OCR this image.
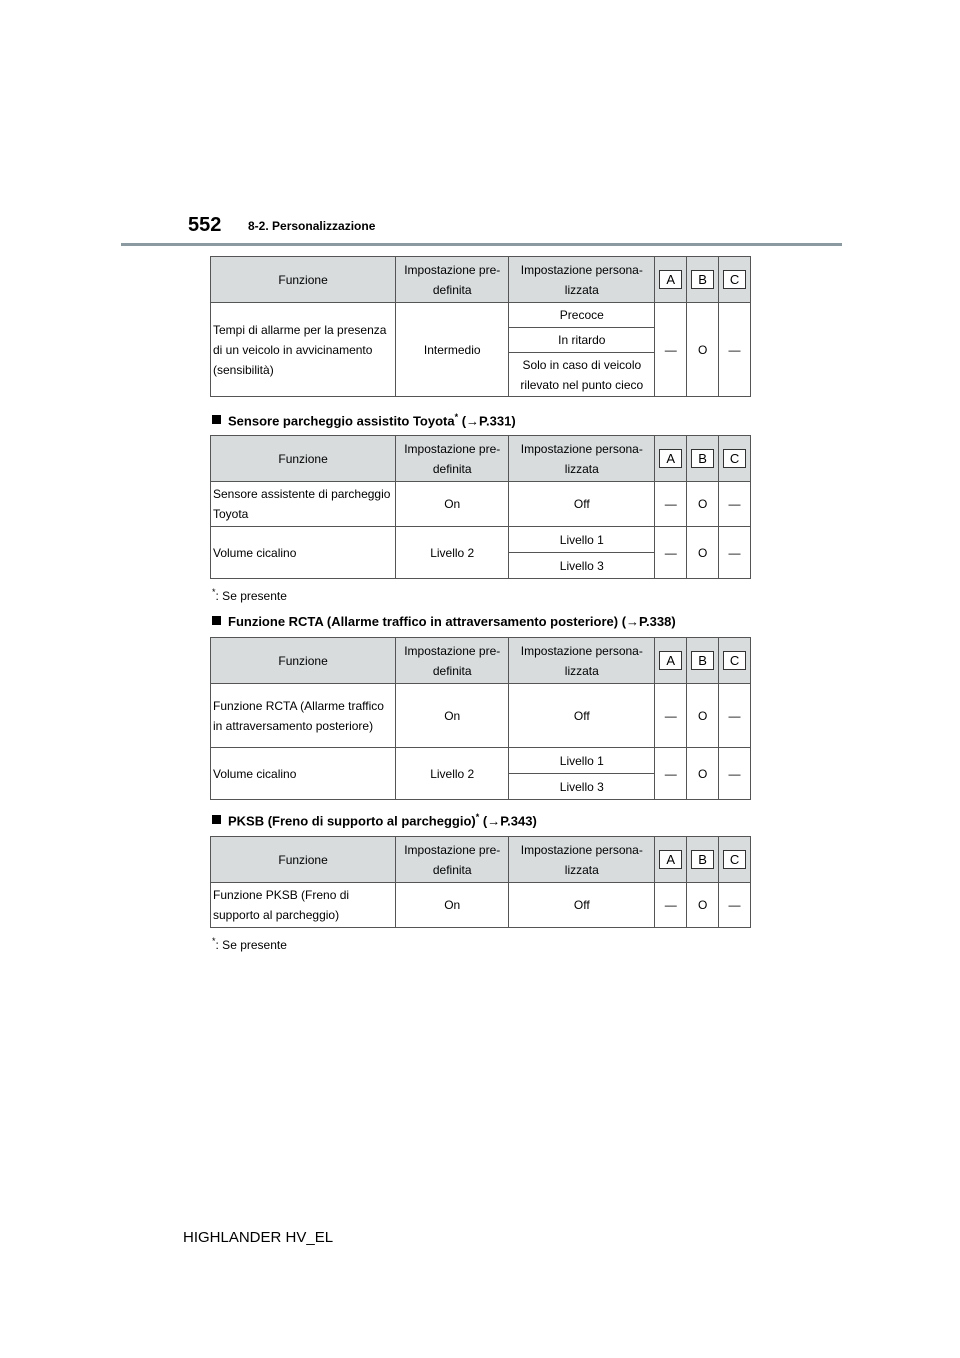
552 8-2. Personalizzazione
Funzione	Impostazione pre-definita	Impostazione persona-lizzata	A	B	C
Tempi di allarme per la presenza di un veicolo in avvicinamento (sensibilità)	Intermedio	Precoce	—	O	—
		In ritardo			
		Solo in caso di veicolo rilevato nel punto cieco			
Sensore parcheggio assistito Toyota* (→P.331)
Funzione	Impostazione pre-definita	Impostazione persona-lizzata	A	B	C
Sensore assistente di parcheggio Toyota	On	Off	—	O	—
Volume cicalino	Livello 2	Livello 1	—	O	—
		Livello 3			
*: Se presente
Funzione RCTA (Allarme traffico in attraversamento posteriore) (→P.338)
Funzione	Impostazione pre-definita	Impostazione persona-lizzata	A	B	C
Funzione RCTA (Allarme traffico in attraversamento posteriore)	On	Off	—	O	—
Volume cicalino	Livello 2	Livello 1	—	O	—
		Livello 3			
PKSB (Freno di supporto al parcheggio)* (→P.343)
Funzione	Impostazione pre-definita	Impostazione persona-lizzata	A	B	C
Funzione PKSB (Freno di supporto al parcheggio)	On	Off	—	O	—
*: Se presente
HIGHLANDER HV_EL
